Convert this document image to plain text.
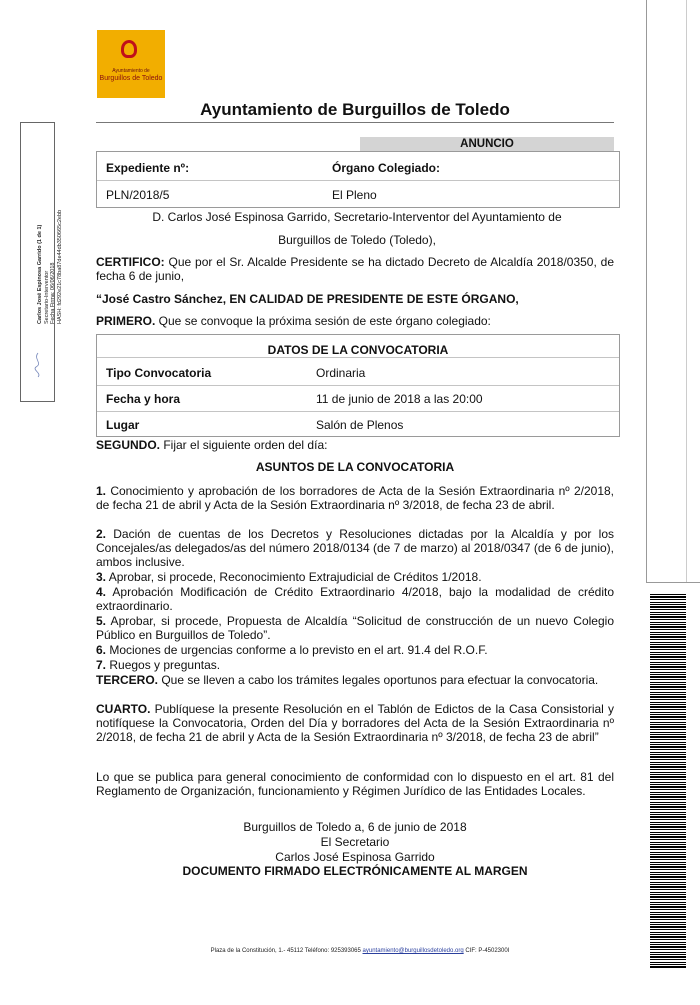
Carlos José Espinosa Garrido (1 de 1) Secretario-Interventor Fecha Firma: 06/06/2018 HASH: fd292e21c78ba87de44db350665c2ebb
Ayuntamiento de
Burguillos de Toledo
Ayuntamiento de Burguillos de Toledo
ANUNCIO
Expediente nº:	Órgano Colegiado:
PLN/2018/5	El Pleno
D. Carlos José Espinosa Garrido, Secretario-Interventor del Ayuntamiento de
Burguillos de Toledo (Toledo),
CERTIFICO: Que por el Sr. Alcalde Presidente se ha dictado Decreto de Alcaldía 2018/0350, de fecha 6 de junio,
“José Castro Sánchez, EN CALIDAD DE PRESIDENTE DE ESTE ÓRGANO,
PRIMERO. Que se convoque la próxima sesión de este órgano colegiado:
DATOS DE LA CONVOCATORIA
Tipo Convocatoria	Ordinaria
Fecha y hora	11 de junio de 2018 a las 20:00
Lugar	Salón de Plenos
SEGUNDO. Fijar el siguiente orden del día:
ASUNTOS DE LA CONVOCATORIA
1. Conocimiento y aprobación de los borradores de Acta de la Sesión Extraordinaria nº 2/2018, de fecha 21 de abril y Acta de la Sesión Extraordinaria nº 3/2018, de fecha 23 de abril.
2. Dación de cuentas de los Decretos y Resoluciones dictadas por la Alcaldía y por los Concejales/as delegados/as del número 2018/0134 (de 7 de marzo) al 2018/0347 (de 6 de junio), ambos inclusive.
3. Aprobar, si procede, Reconocimiento Extrajudicial de Créditos 1/2018.
4. Aprobación Modificación de Crédito Extraordinario 4/2018, bajo la modalidad de crédito extraordinario.
5. Aprobar, si procede, Propuesta de Alcaldía “Solicitud de construcción de un nuevo Colegio Público en Burguillos de Toledo”.
6. Mociones de urgencias conforme a lo previsto en el art. 91.4 del R.O.F.
7. Ruegos y preguntas.
TERCERO. Que se lleven a cabo los trámites legales oportunos para efectuar la convocatoria.
CUARTO. Publíquese la presente Resolución en el Tablón de Edictos de la Casa Consistorial y notifíquese la Convocatoria, Orden del Día y borradores del Acta de la Sesión Extraordinaria nº 2/2018, de fecha 21 de abril y Acta de la Sesión Extraordinaria nº 3/2018, de fecha 23 de abril”
Lo que se publica para general conocimiento de conformidad con lo dispuesto en el art. 81 del Reglamento de Organización, funcionamiento y Régimen Jurídico de las Entidades Locales.
Burguillos de Toledo a, 6 de junio de 2018
El Secretario
Carlos José Espinosa Garrido
DOCUMENTO FIRMADO ELECTRÓNICAMENTE AL MARGEN
Plaza de la Constitución, 1.- 45112 Teléfono: 925393065 ayuntamiento@burguillosdetoledo.org CIF: P-4502300I
